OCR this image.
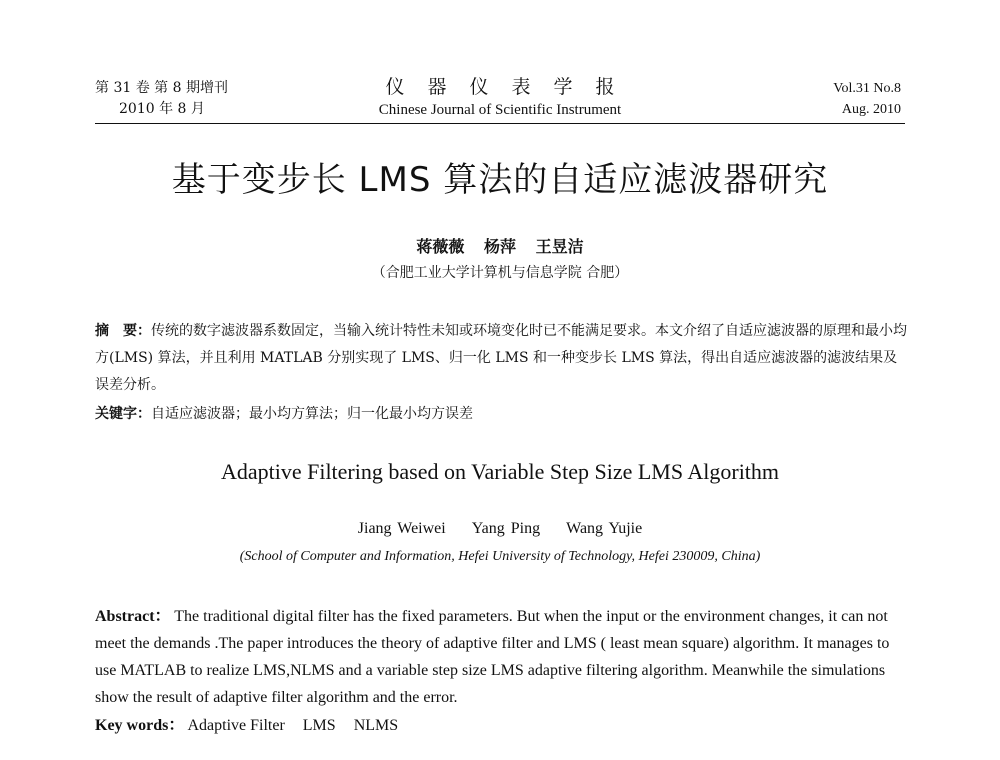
第 31 卷 第 8 期增刊
2010 年 8 月
仪器仪表学报
Chinese Journal of Scientific Instrument
Vol.31 No.8
Aug. 2010
基于变步长 LMS 算法的自适应滤波器研究
蒋薇薇 杨萍 王昱洁
（合肥工业大学计算机与信息学院 合肥）
摘　要：传统的数字滤波器系数固定，当输入统计特性未知或环境变化时已不能满足要求。本文介绍了自适应滤波器的原理和最小均方(LMS) 算法，并且利用 MATLAB 分别实现了 LMS、归一化 LMS 和一种变步长 LMS 算法，得出自适应滤波器的滤波结果及误差分析。
关键字：自适应滤波器；最小均方算法；归一化最小均方误差
Adaptive Filtering based on Variable Step Size LMS Algorithm
Jiang Weiwei Yang Ping Wang Yujie
(School of Computer and Information, Hefei University of Technology, Hefei 230009, China)
Abstract： The traditional digital filter has the fixed parameters. But when the input or the environment changes, it can not meet the demands .The paper introduces the theory of adaptive filter and LMS ( least mean square) algorithm. It manages to use MATLAB to realize LMS,NLMS and a variable step size LMS adaptive filtering algorithm. Meanwhile the simulations show the result of adaptive filter algorithm and the error.
Key words： Adaptive Filter LMS NLMS
